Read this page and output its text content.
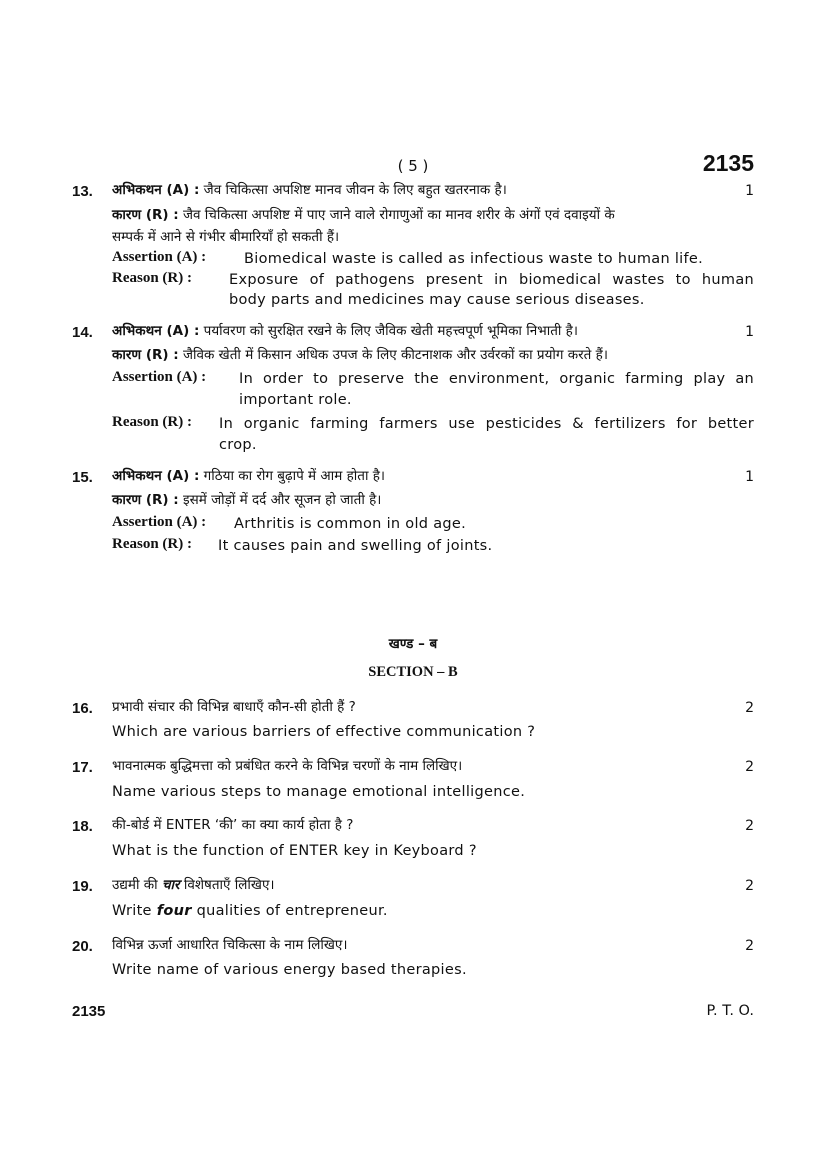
( 5 )	2135
13.	1
अभिकथन (A) : जैव चिकित्सा अपशिष्ट मानव जीवन के लिए बहुत खतरनाक है।
कारण (R) : जैव चिकित्सा अपशिष्ट में पाए जाने वाले रोगाणुओं का मानव शरीर के अंगों एवं दवाइयों के
सम्पर्क में आने से गंभीर बीमारियाँ हो सकती हैं।
Assertion (A) :	Biomedical waste is called as infectious waste to human life.
Reason (R) :	Exposure of pathogens present in biomedical wastes to human
body parts and medicines may cause serious diseases.
14.	1
अभिकथन (A) : पर्यावरण को सुरक्षित रखने के लिए जैविक खेती महत्त्वपूर्ण भूमिका निभाती है।
कारण (R) : जैविक खेती में किसान अधिक उपज के लिए कीटनाशक और उर्वरकों का प्रयोग करते हैं।
Assertion (A) : In order to preserve the environment, organic farming play an
important role.
Reason (R) : In organic farming farmers use pesticides & fertilizers for better
crop.
15.	1
अभिकथन (A) : गठिया का रोग बुढ़ापे में आम होता है।
कारण (R) : इसमें जोड़ों में दर्द और सूजन हो जाती है।
Assertion (A) : Arthritis is common in old age.
Reason (R) : It causes pain and swelling of joints.
खण्ड – ब
SECTION – B
16.	2
प्रभावी संचार की विभिन्न बाधाएँ कौन-सी होती हैं ?
Which are various barriers of effective communication ?
17.	2
भावनात्मक बुद्धिमत्ता को प्रबंधित करने के विभिन्न चरणों के नाम लिखिए।
Name various steps to manage emotional intelligence.
18.	2
की-बोर्ड में ENTER ‘की’ का क्या कार्य होता है ?
What is the function of ENTER key in Keyboard ?
19.	2
उद्यमी की चार विशेषताएँ लिखिए।
Write four qualities of entrepreneur.
20.	2
विभिन्न ऊर्जा आधारित चिकित्सा के नाम लिखिए।
Write name of various energy based therapies.
2135	P. T. O.
